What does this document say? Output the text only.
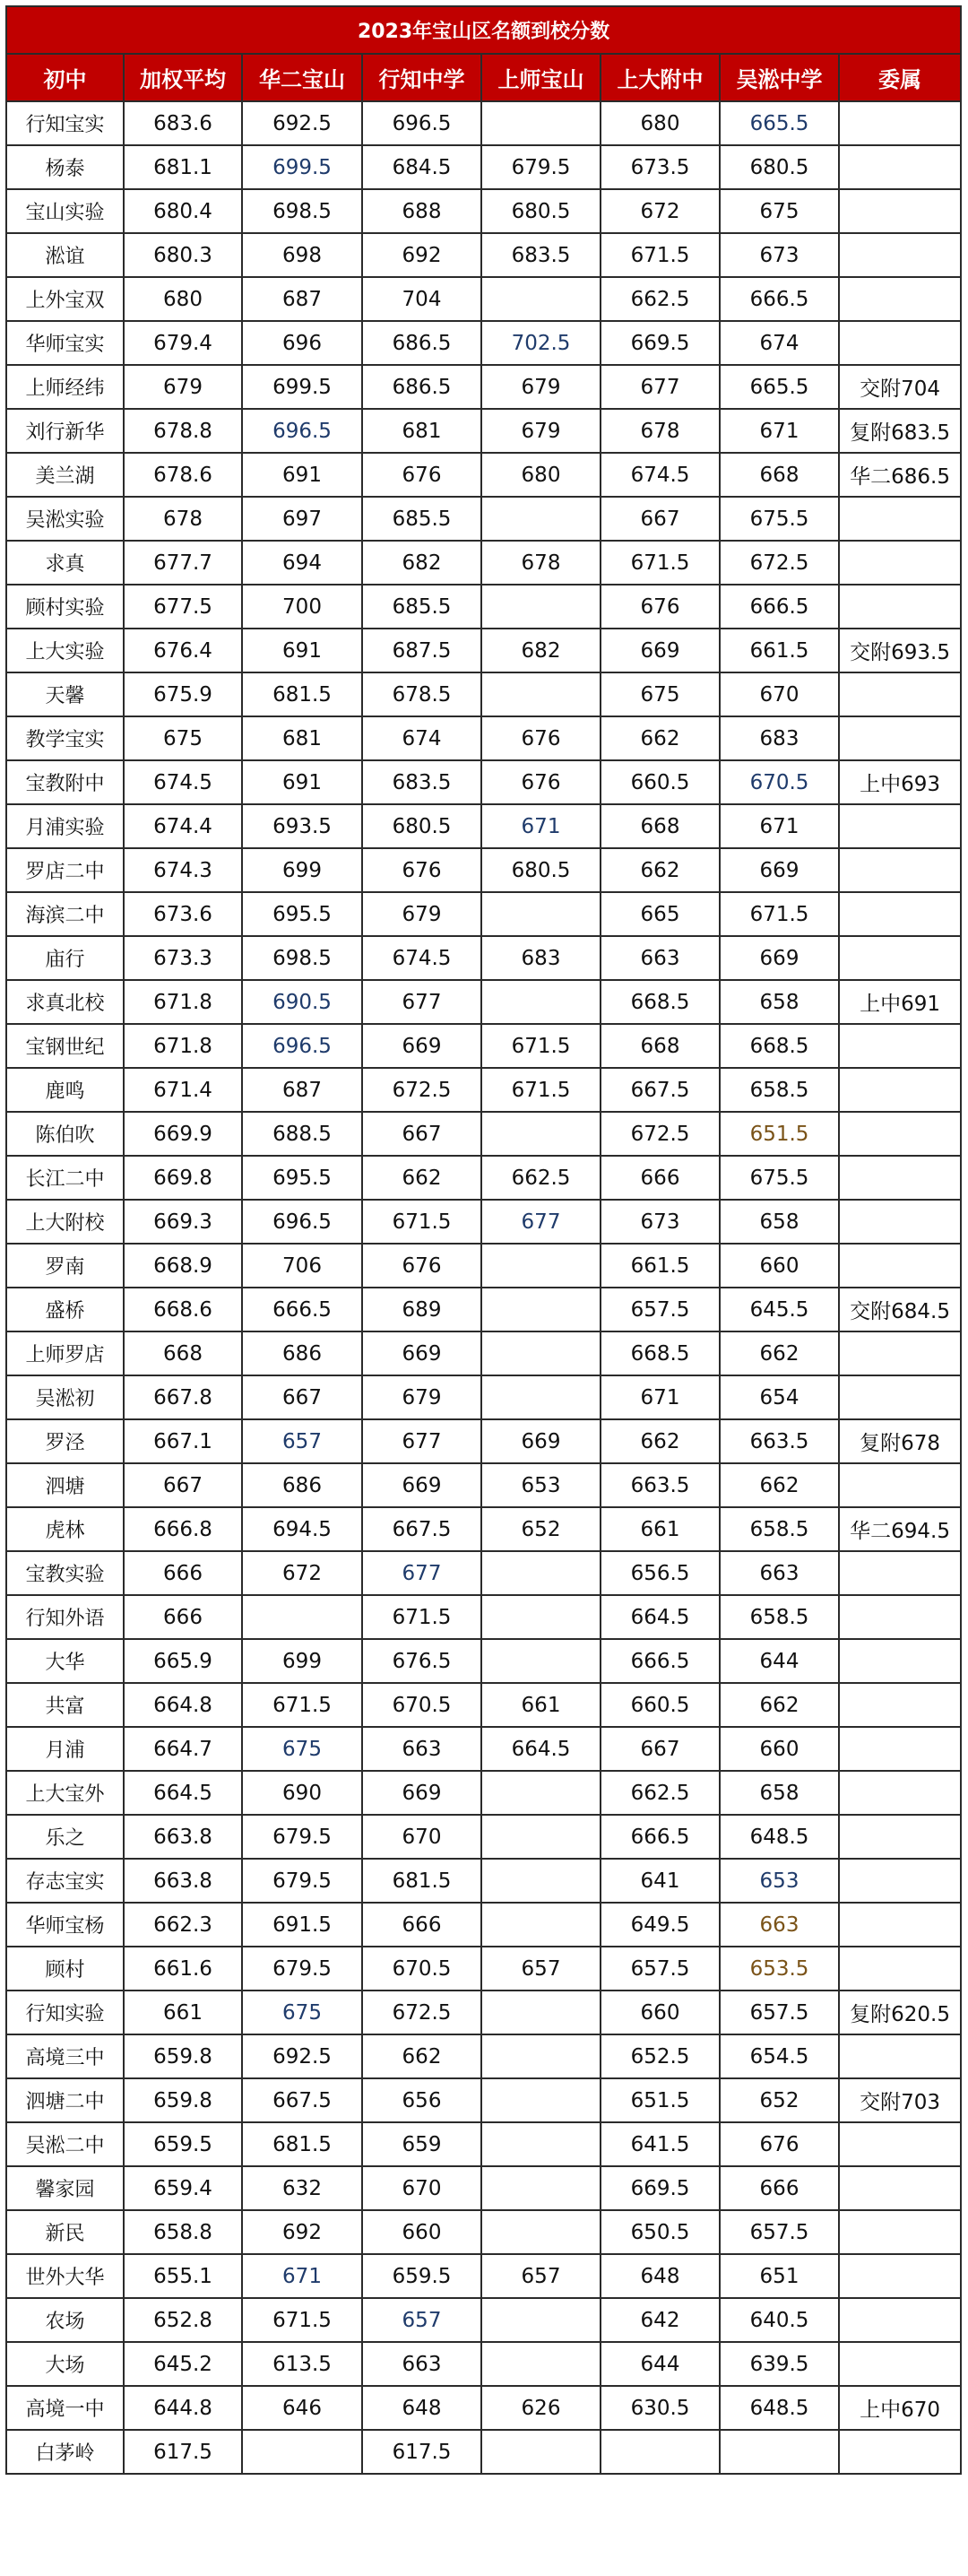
2023年宝山区名额到校分数							
初中	加权平均	华二宝山	行知中学	上师宝山	上大附中	吴淞中学	委属
行知宝实	683.6	692.5	696.5		680	665.5	
杨泰	681.1	699.5	684.5	679.5	673.5	680.5	
宝山实验	680.4	698.5	688	680.5	672	675	
淞谊	680.3	698	692	683.5	671.5	673	
上外宝双	680	687	704		662.5	666.5	
华师宝实	679.4	696	686.5	702.5	669.5	674	
上师经纬	679	699.5	686.5	679	677	665.5	交附704
刘行新华	678.8	696.5	681	679	678	671	复附683.5
美兰湖	678.6	691	676	680	674.5	668	华二686.5
吴淞实验	678	697	685.5		667	675.5	
求真	677.7	694	682	678	671.5	672.5	
顾村实验	677.5	700	685.5		676	666.5	
上大实验	676.4	691	687.5	682	669	661.5	交附693.5
天馨	675.9	681.5	678.5		675	670	
教学宝实	675	681	674	676	662	683	
宝教附中	674.5	691	683.5	676	660.5	670.5	上中693
月浦实验	674.4	693.5	680.5	671	668	671	
罗店二中	674.3	699	676	680.5	662	669	
海滨二中	673.6	695.5	679		665	671.5	
庙行	673.3	698.5	674.5	683	663	669	
求真北校	671.8	690.5	677		668.5	658	上中691
宝钢世纪	671.8	696.5	669	671.5	668	668.5	
鹿鸣	671.4	687	672.5	671.5	667.5	658.5	
陈伯吹	669.9	688.5	667		672.5	651.5	
长江二中	669.8	695.5	662	662.5	666	675.5	
上大附校	669.3	696.5	671.5	677	673	658	
罗南	668.9	706	676		661.5	660	
盛桥	668.6	666.5	689		657.5	645.5	交附684.5
上师罗店	668	686	669		668.5	662	
吴淞初	667.8	667	679		671	654	
罗泾	667.1	657	677	669	662	663.5	复附678
泗塘	667	686	669	653	663.5	662	
虎林	666.8	694.5	667.5	652	661	658.5	华二694.5
宝教实验	666	672	677		656.5	663	
行知外语	666		671.5		664.5	658.5	
大华	665.9	699	676.5		666.5	644	
共富	664.8	671.5	670.5	661	660.5	662	
月浦	664.7	675	663	664.5	667	660	
上大宝外	664.5	690	669		662.5	658	
乐之	663.8	679.5	670		666.5	648.5	
存志宝实	663.8	679.5	681.5		641	653	
华师宝杨	662.3	691.5	666		649.5	663	
顾村	661.6	679.5	670.5	657	657.5	653.5	
行知实验	661	675	672.5		660	657.5	复附620.5
高境三中	659.8	692.5	662		652.5	654.5	
泗塘二中	659.8	667.5	656		651.5	652	交附703
吴淞二中	659.5	681.5	659		641.5	676	
馨家园	659.4	632	670		669.5	666	
新民	658.8	692	660		650.5	657.5	
世外大华	655.1	671	659.5	657	648	651	
农场	652.8	671.5	657		642	640.5	
大场	645.2	613.5	663		644	639.5	
高境一中	644.8	646	648	626	630.5	648.5	上中670
白茅岭	617.5		617.5				
